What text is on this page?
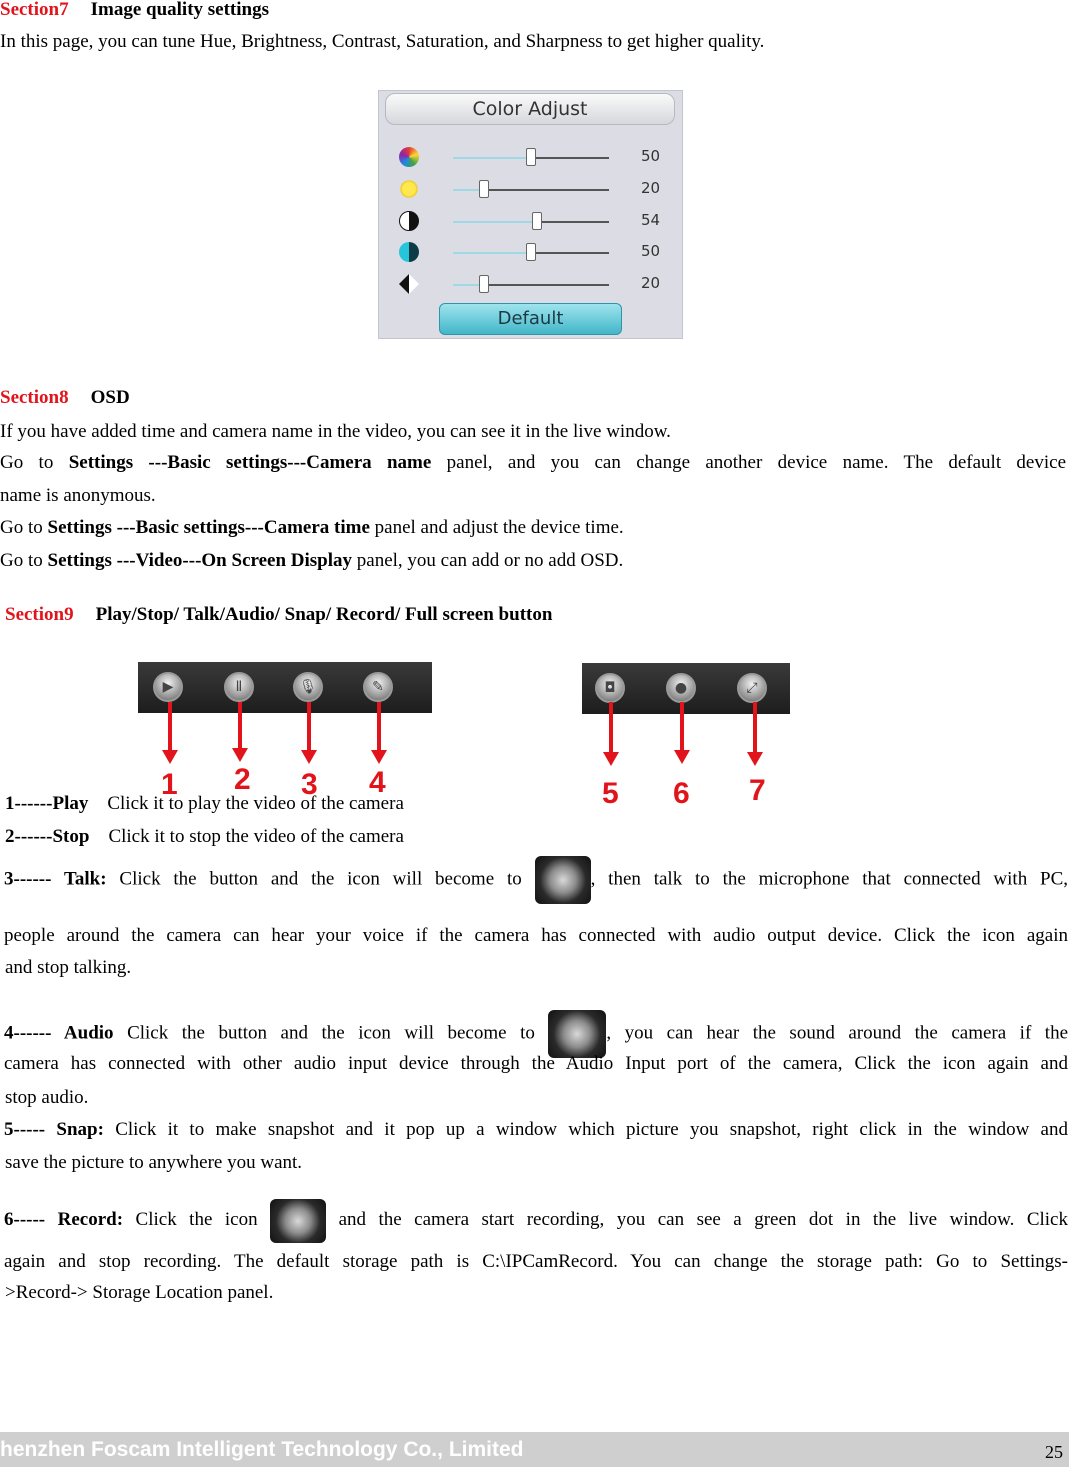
Section7 Image quality settings
In this page, you can tune Hue, Brightness, Contrast, Saturation, and Sharpness to get higher quality.
Color Adjust
50
20
54
50
20
Default
Section8 OSD
If you have added time and camera name in the video, you can see it in the live window.
Go to Settings ---Basic settings---Camera name panel, and you can change another device name. The default device
name is anonymous.
Go to Settings ---Basic settings---Camera time panel and adjust the device time.
Go to Settings ---Video---On Screen Display panel, you can add or no add OSD.
Section9 Play/Stop/ Talk/Audio/ Snap/ Record/ Full screen button
▶	Ⅱ	🎙	✎	◘	●	⤢
1 2 3 4	5 6 7
1------Play Click it to play the video of the camera
2------Stop Click it to stop the video of the camera
3------ Talk: Click the button and the icon will become to	, then talk to the microphone that connected with PC,
people around the camera can hear your voice if the camera has connected with audio output device. Click the icon again
and stop talking.
4------ Audio Click the button and the icon will become to	, you can hear the sound around the camera if the
camera has connected with other audio input device through the Audio Input port of the camera, Click the icon again and
stop audio.
5----- Snap: Click it to make snapshot and it pop up a window which picture you snapshot, right click in the window and
save the picture to anywhere you want.
6----- Record: Click the icon	and the camera start recording, you can see a green dot in the live window. Click
again and stop recording. The default storage path is C:\IPCamRecord. You can change the storage path: Go to Settings-
>Record-> Storage Location panel.
henzhen Foscam Intelligent Technology Co., Limited	25
